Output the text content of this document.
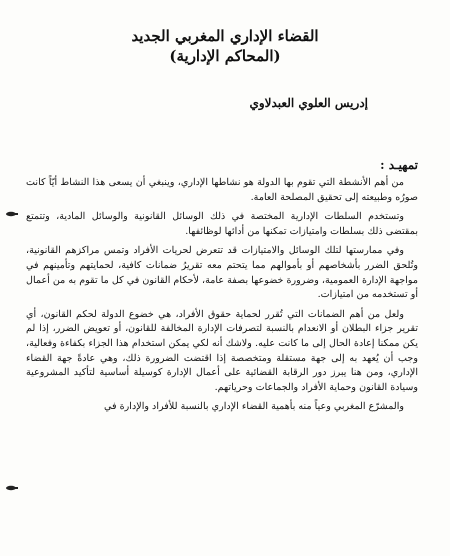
القضاء الإداري المغربي الجديد
(المحاكم الإدارية)
إدريس العلوي العبدلاوي
تمهيـد :

من أهم الأنشطة التي تقوم بها الدولة هو نشاطها الإداري، وينبغي أن يسعى هذا النشاط أيّاً كانت صورُه وطبيعته إلى تحقيق المصلحة العامة.

وتستخدم السلطات الإدارية المختصة في ذلك الوسائل القانونية والوسائل المادية، وتتمتع بمقتضى ذلك بسلطات وامتيازات تمكنها من أدائها لوظائفها.

وفي ممارستها لتلك الوسائل والامتيازات قد تتعرض لحريات الأفراد وتمس مراكزهم القانونية، وتُلحق الضرر بأشخاصهم أو بأموالهم مما يتحتم معه تقريرُ ضمانات كافية، لحمايتهم وتأمينهم في مواجهة الإدارة العمومية، وضرورة خضوعها بصفة عامة، لأحكام القانون في كل ما تقوم به من أعمال أو تستخدمه من امتيازات.

ولعل من أهم الضمانات التي تُقرر لحماية حقوق الأفراد، هي خضوع الدولة لحكم القانون، أي تقرير جزاء البطلان أو الانعدام بالنسبة لتصرفات الإدارة المخالفة للقانون، أو تعويض الضرر، إذا لم يكن ممكنا إعادة الحال إلى ما كانت عليه. ولاشك أنه لكي يمكن استخدام هذا الجزاء بكفاءة وفعالية، وجب أن يُعهد به إلى جهة مستقلة ومتخصصة إذا اقتضت الضرورة ذلك، وهي عادةً جهة القضاء الإداري، ومن هنا يبرز دور الرقابة القضائية على أعمال الإدارة كوسيلة أساسية لتأكيد المشروعية وسيادة القانون وحماية الأفراد والجماعات وحرياتهم.

والمشرّع المغربي وعياً منه بأهمية القضاء الإداري بالنسبة للأفراد والإدارة في
